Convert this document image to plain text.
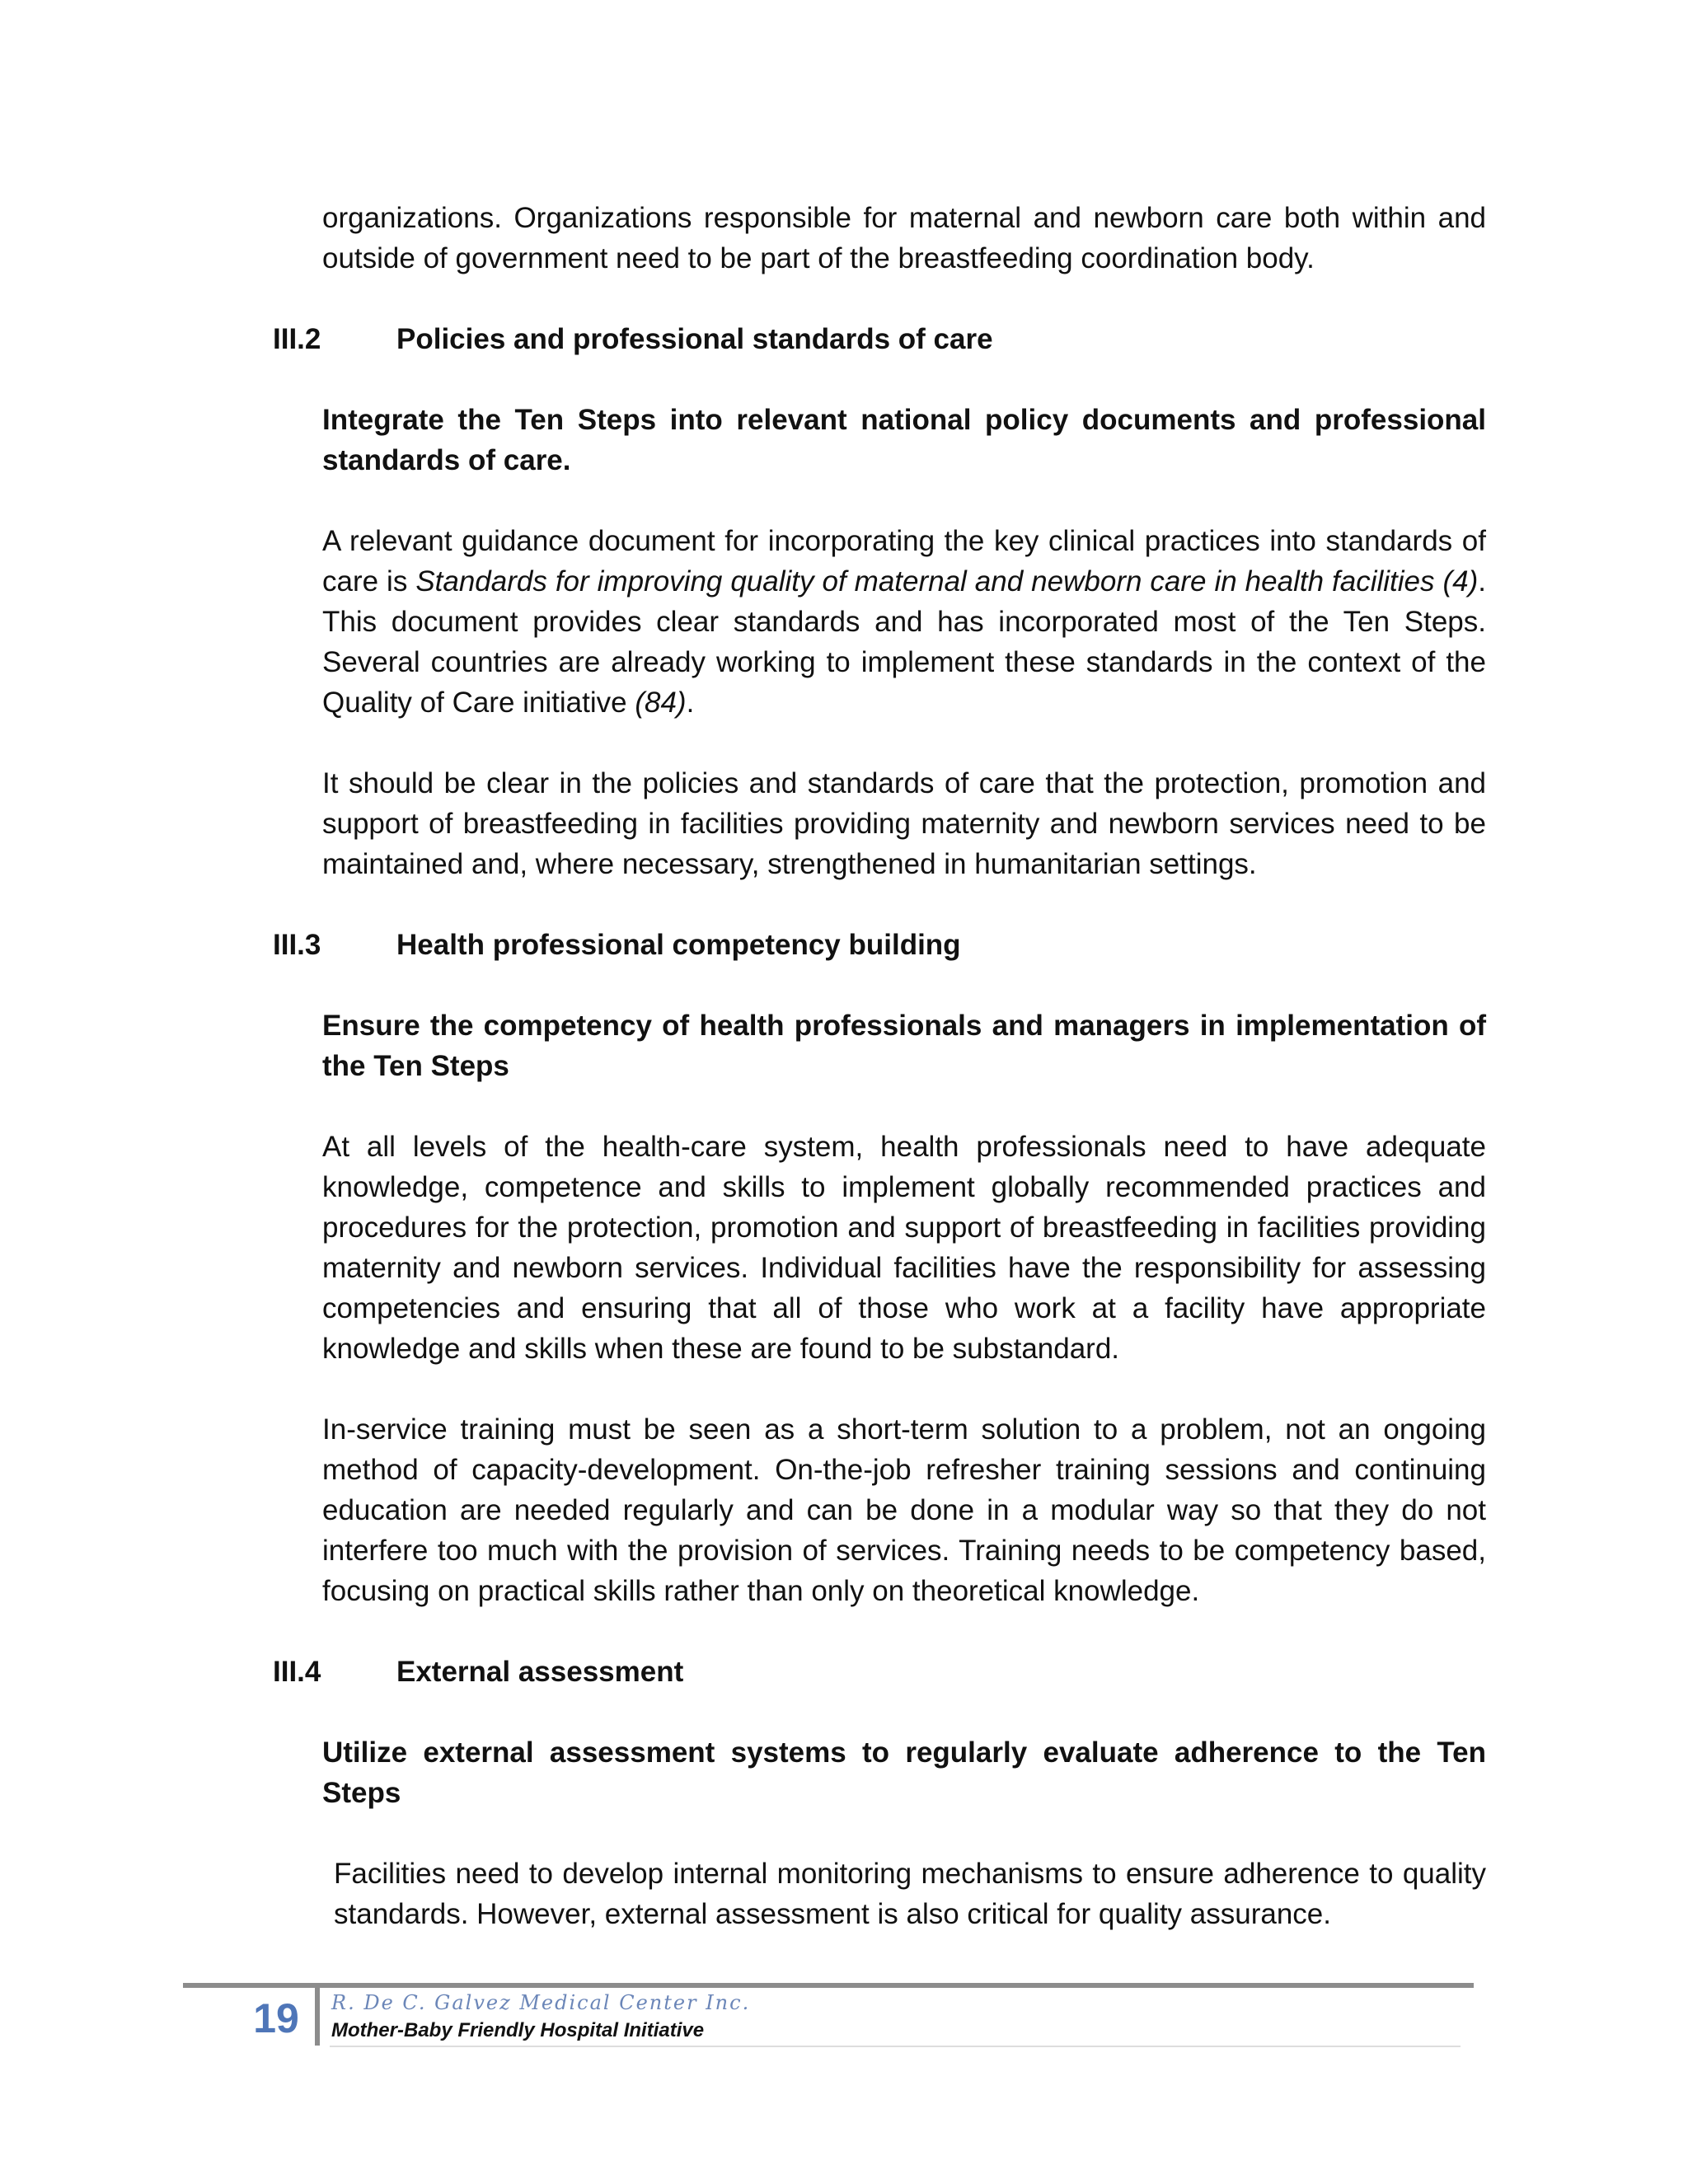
organizations. Organizations responsible for maternal and newborn care both within and outside of government need to be part of the breastfeeding coordination body.

III.2	Policies and professional standards of care

Integrate the Ten Steps into relevant national policy documents and professional standards of care.

A relevant guidance document for incorporating the key clinical practices into standards of care is Standards for improving quality of maternal and newborn care in health facilities (4). This document provides clear standards and has incorporated most of the Ten Steps. Several countries are already working to implement these standards in the context of the Quality of Care initiative (84).

It should be clear in the policies and standards of care that the protection, promotion and support of breastfeeding in facilities providing maternity and newborn services need to be maintained and, where necessary, strengthened in humanitarian settings.

III.3	Health professional competency building

Ensure the competency of health professionals and managers in implementation of the Ten Steps

At all levels of the health-care system, health professionals need to have adequate knowledge, competence and skills to implement globally recommended practices and procedures for the protection, promotion and support of breastfeeding in facilities providing maternity and newborn services. Individual facilities have the responsibility for assessing competencies and ensuring that all of those who work at a facility have appropriate knowledge and skills when these are found to be substandard.

In-service training must be seen as a short-term solution to a problem, not an ongoing method of capacity-development. On-the-job refresher training sessions and continuing education are needed regularly and can be done in a modular way so that they do not interfere too much with the provision of services. Training needs to be competency based, focusing on practical skills rather than only on theoretical knowledge.

III.4	External assessment

Utilize external assessment systems to regularly evaluate adherence to the Ten Steps

Facilities need to develop internal monitoring mechanisms to ensure adherence to quality standards. However, external assessment is also critical for quality assurance.

19 R. De C. Galvez Medical Center Inc.
Mother-Baby Friendly Hospital Initiative
